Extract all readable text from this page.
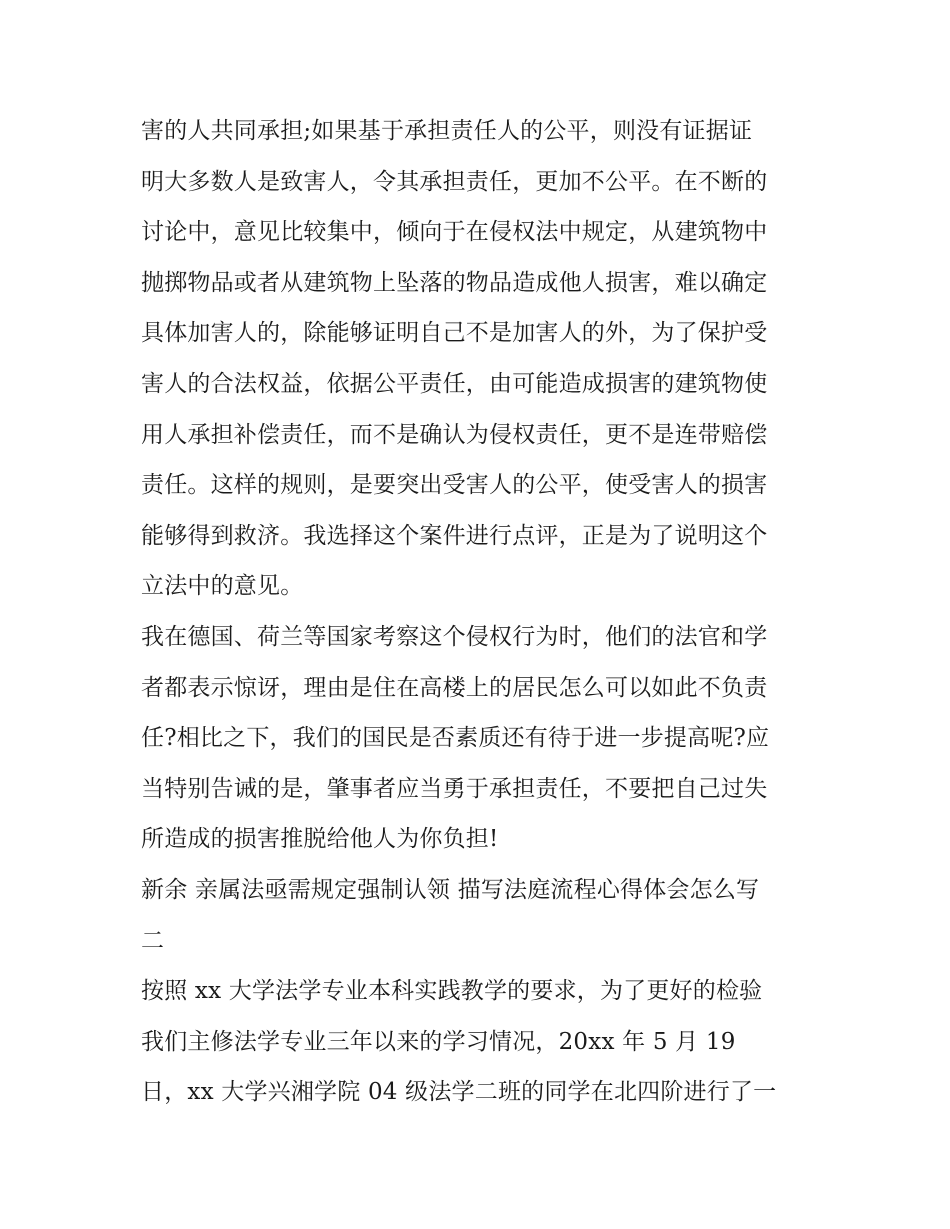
害的人共同承担;如果基于承担责任人的公平，则没有证据证
明大多数人是致害人，令其承担责任，更加不公平。在不断的
讨论中，意见比较集中，倾向于在侵权法中规定，从建筑物中
抛掷物品或者从建筑物上坠落的物品造成他人损害，难以确定
具体加害人的，除能够证明自己不是加害人的外，为了保护受
害人的合法权益，依据公平责任，由可能造成损害的建筑物使
用人承担补偿责任，而不是确认为侵权责任，更不是连带赔偿
责任。这样的规则，是要突出受害人的公平，使受害人的损害
能够得到救济。我选择这个案件进行点评，正是为了说明这个
立法中的意见。
我在德国、荷兰等国家考察这个侵权行为时，他们的法官和学
者都表示惊讶，理由是住在高楼上的居民怎么可以如此不负责
任?相比之下，我们的国民是否素质还有待于进一步提高呢?应
当特别告诫的是，肇事者应当勇于承担责任，不要把自己过失
所造成的损害推脱给他人为你负担!
新余 亲属法亟需规定强制认领 描写法庭流程心得体会怎么写
二
按照 xx 大学法学专业本科实践教学的要求，为了更好的检验
我们主修法学专业三年以来的学习情况，20xx 年 5 月 19
日，xx 大学兴湘学院 04 级法学二班的同学在北四阶进行了一
